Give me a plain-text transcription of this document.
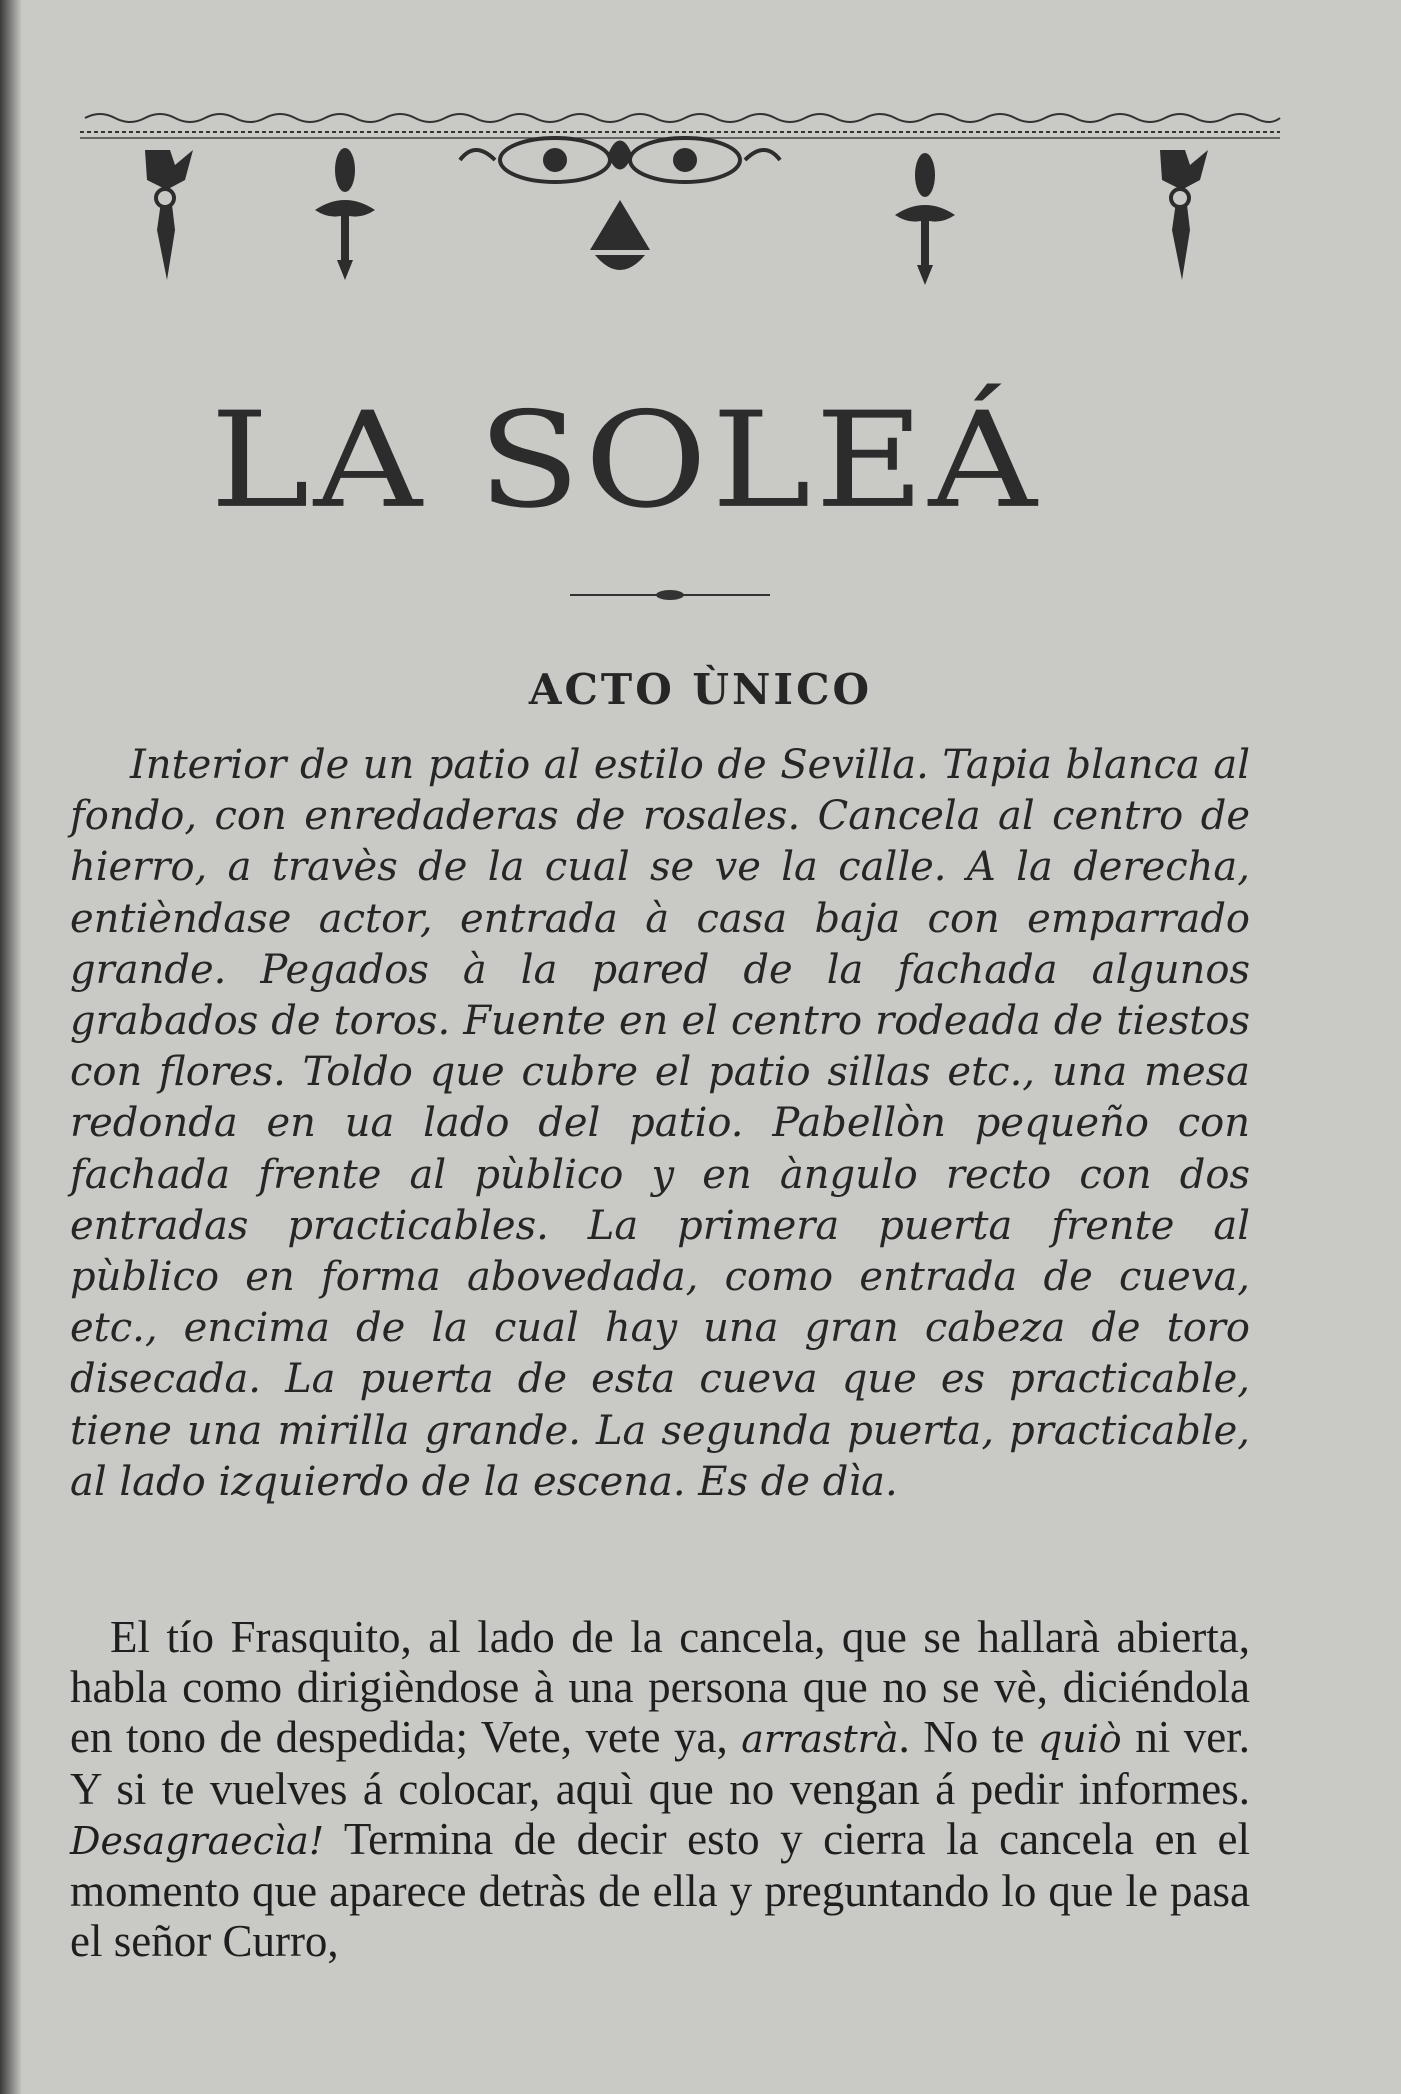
LA SOLEÁ
ACTO ÙNICO

Interior de un patio al estilo de Sevilla. Tapia blanca al fondo, con enredaderas de rosales. Cancela al centro de hierro, a travès de la cual se ve la calle. A la derecha, entièndase actor, entrada à casa baja con emparrado grande. Pegados à la pared de la fachada algunos grabados de toros. Fuente en el centro rodeada de tiestos con flores. Toldo que cubre el patio sillas etc., una mesa redonda en ua lado del patio. Pabellòn pequeño con fachada frente al pùblico y en àngulo recto con dos entradas practicables. La primera puerta frente al pùblico en forma abovedada, como entrada de cueva, etc., encima de la cual hay una gran cabeza de toro disecada. La puerta de esta cueva que es practicable, tiene una mirilla grande. La segunda puerta, practicable, al lado izquierdo de la escena. Es de dìa.

El tío Frasquito, al lado de la cancela, que se hallarà abierta, habla como dirigièndose à una persona que no se vè, diciéndola en tono de despedida; Vete, vete ya, arrastrà. No te quiò ni ver. Y si te vuelves á colocar, aquì que no vengan á pedir informes. Desagraecìa! Termina de decir esto y cierra la cancela en el momento que aparece detràs de ella y preguntando lo que le pasa el señor Curro,
